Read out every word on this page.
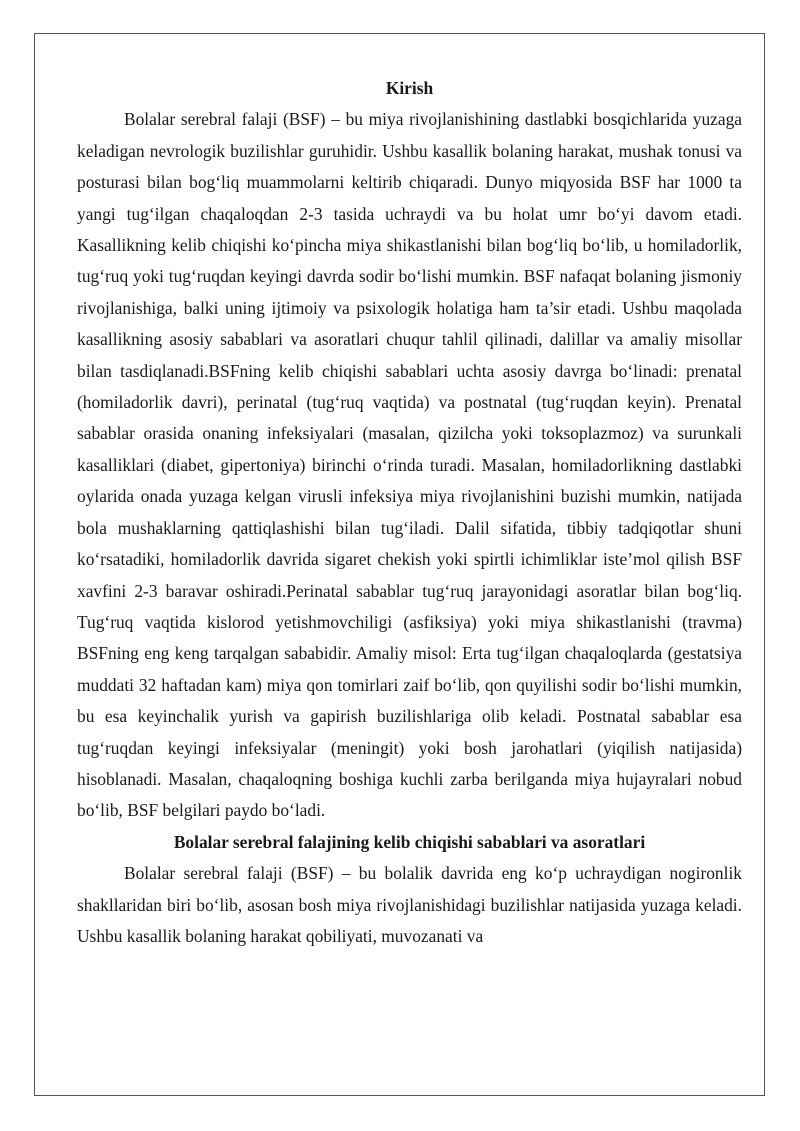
Kirish

Bolalar serebral falaji (BSF) – bu miya rivojlanishining dastlabki bosqichlarida yuzaga keladigan nevrologik buzilishlar guruhidir. Ushbu kasallik bolaning harakat, mushak tonusi va posturasi bilan bog‘liq muammolarni keltirib chiqaradi. Dunyo miqyosida BSF har 1000 ta yangi tug‘ilgan chaqaloqdan 2-3 tasida uchraydi va bu holat umr bo‘yi davom etadi. Kasallikning kelib chiqishi ko‘pincha miya shikastlanishi bilan bog‘liq bo‘lib, u homiladorlik, tug‘ruq yoki tug‘ruqdan keyingi davrda sodir bo‘lishi mumkin. BSF nafaqat bolaning jismoniy rivojlanishiga, balki uning ijtimoiy va psixologik holatiga ham ta’sir etadi. Ushbu maqolada kasallikning asosiy sabablari va asoratlari chuqur tahlil qilinadi, dalillar va amaliy misollar bilan tasdiqlanadi.BSFning kelib chiqishi sabablari uchta asosiy davrga bo‘linadi: prenatal (homiladorlik davri), perinatal (tug‘ruq vaqtida) va postnatal (tug‘ruqdan keyin). Prenatal sabablar orasida onaning infeksiyalari (masalan, qizilcha yoki toksoplazmoz) va surunkali kasalliklari (diabet, gipertoniya) birinchi o‘rinda turadi. Masalan, homiladorlikning dastlabki oylarida onada yuzaga kelgan virusli infeksiya miya rivojlanishini buzishi mumkin, natijada bola mushaklarning qattiqlashishi bilan tug‘iladi. Dalil sifatida, tibbiy tadqiqotlar shuni ko‘rsatadiki, homiladorlik davrida sigaret chekish yoki spirtli ichimliklar iste’mol qilish BSF xavfini 2-3 baravar oshiradi.Perinatal sabablar tug‘ruq jarayonidagi asoratlar bilan bog‘liq. Tug‘ruq vaqtida kislorod yetishmovchiligi (asfiksiya) yoki miya shikastlanishi (travma) BSFning eng keng tarqalgan sababidir. Amaliy misol: Erta tug‘ilgan chaqaloqlarda (gestatsiya muddati 32 haftadan kam) miya qon tomirlari zaif bo‘lib, qon quyilishi sodir bo‘lishi mumkin, bu esa keyinchalik yurish va gapirish buzilishlariga olib keladi. Postnatal sabablar esa tug‘ruqdan keyingi infeksiyalar (meningit) yoki bosh jarohatlari (yiqilish natijasida) hisoblanadi. Masalan, chaqaloqning boshiga kuchli zarba berilganda miya hujayralari nobud bo‘lib, BSF belgilari paydo bo‘ladi.

Bolalar serebral falajining kelib chiqishi sabablari va asoratlari

Bolalar serebral falaji (BSF) – bu bolalik davrida eng ko‘p uchraydigan nogironlik shakllaridan biri bo‘lib, asosan bosh miya rivojlanishidagi buzilishlar natijasida yuzaga keladi. Ushbu kasallik bolaning harakat qobiliyati, muvozanati va
